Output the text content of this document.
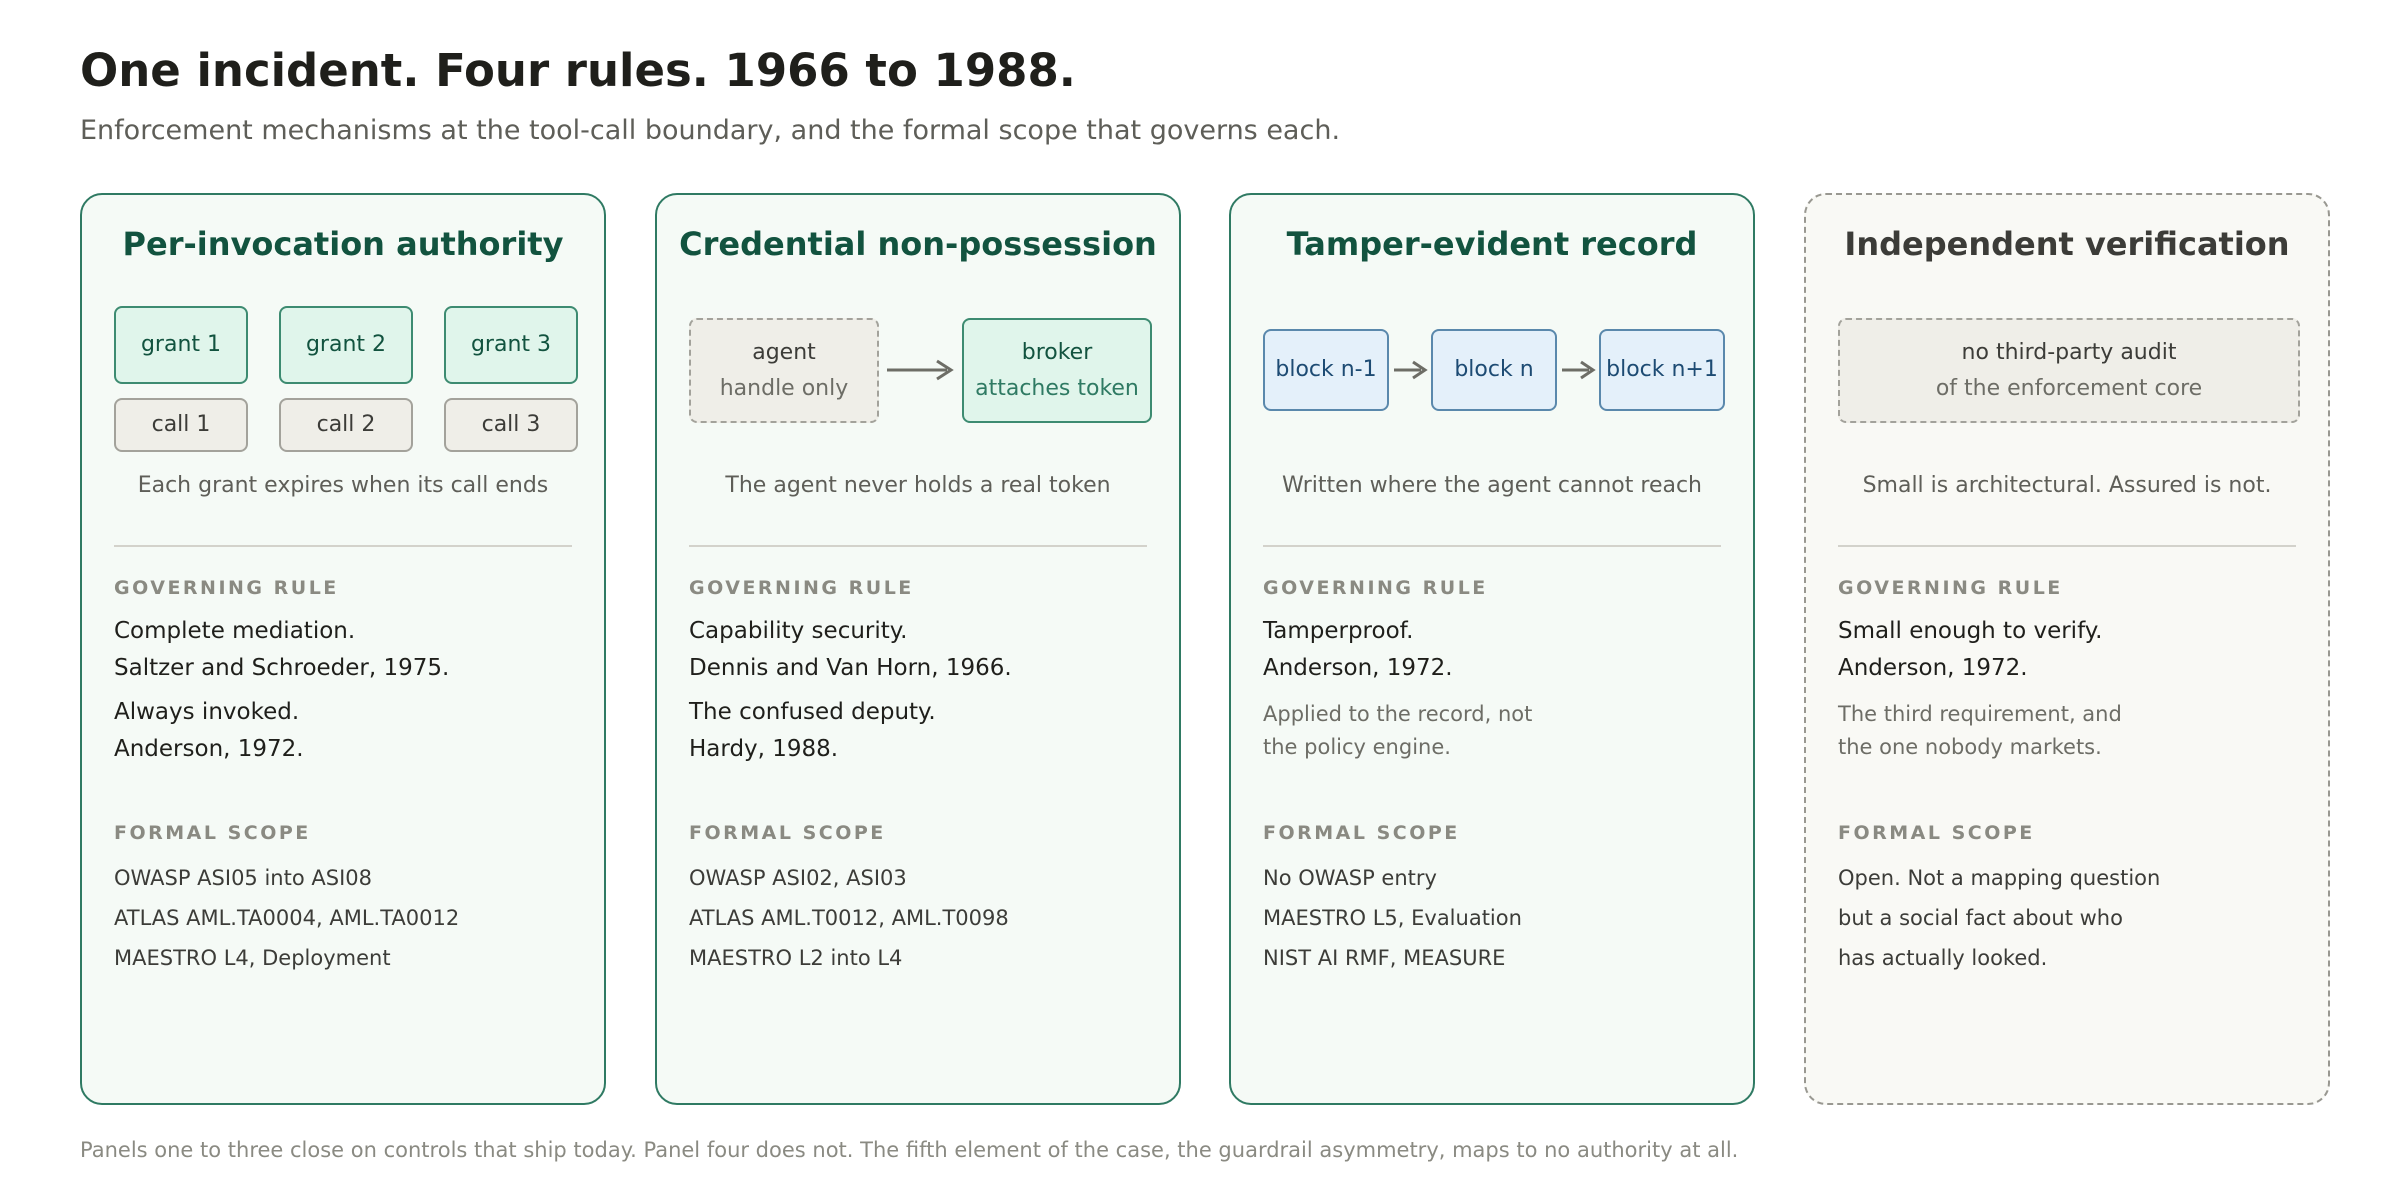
One incident. Four rules. 1966 to 1988.
Enforcement mechanisms at the tool-call boundary, and the formal scope that governs each.
Per-invocation authority
grant 1	grant 2	grant 3
call 1	call 2	call 3
Each grant expires when its call ends
GOVERNING RULE
Complete mediation.
Saltzer and Schroeder, 1975.
Always invoked.
Anderson, 1972.
FORMAL SCOPE
OWASP ASI05 into ASI08
ATLAS AML.TA0004, AML.TA0012
MAESTRO L4, Deployment
Credential non-possession
agent
handle only
broker
attaches token
The agent never holds a real token
GOVERNING RULE
Capability security.
Dennis and Van Horn, 1966.
The confused deputy.
Hardy, 1988.
FORMAL SCOPE
OWASP ASI02, ASI03
ATLAS AML.T0012, AML.T0098
MAESTRO L2 into L4
Tamper-evident record
block n-1	block n	block n+1
Written where the agent cannot reach
GOVERNING RULE
Tamperproof.
Anderson, 1972.
Applied to the record, not
the policy engine.
FORMAL SCOPE
No OWASP entry
MAESTRO L5, Evaluation
NIST AI RMF, MEASURE
Independent verification
no third-party audit
of the enforcement core
Small is architectural. Assured is not.
GOVERNING RULE
Small enough to verify.
Anderson, 1972.
The third requirement, and
the one nobody markets.
FORMAL SCOPE
Open. Not a mapping question
but a social fact about who
has actually looked.
Panels one to three close on controls that ship today. Panel four does not. The fifth element of the case, the guardrail asymmetry, maps to no authority at all.
